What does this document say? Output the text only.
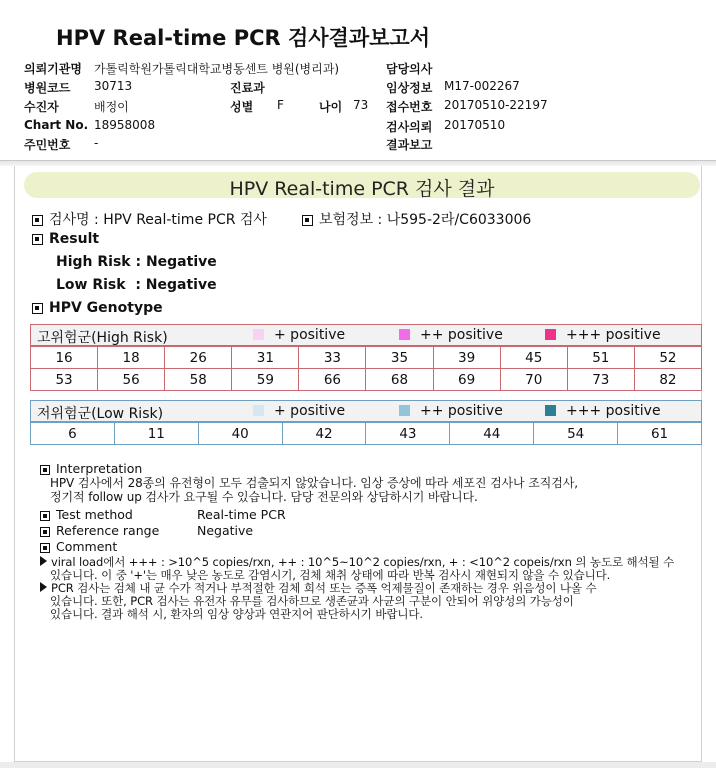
HPV Real-time PCR 검사결과보고서
의뢰기관명 가톨릭학원가톨릭대학교병동센트 병원(병리과)
병원코드 30713
수진자	배정이
Chart No. 18958008
주민번호 -
진료과
성별 F	나이 73
담당의사
임상정보 M17-002267
접수번호 20170510-22197
검사의뢰 20170510
결과보고
HPV Real-time PCR 검사 결과
검사명 : HPV Real-time PCR 검사	보험정보 : 나595-2라/C6033006
Result
High Risk : Negative
Low Risk  : Negative
HPV Genotype
고위험군(High Risk)	+ positive	++ positive	+++ positive
16	18	26	31	33	35	39	45	51	52
53	56	58	59	66	68	69	70	73	82
저위험군(Low Risk)	+ positive	++ positive	+++ positive
6	11	40	42	43	44	54	61
Interpretation
HPV 검사에서 28종의 유전형이 모두 검출되지 않았습니다. 임상 증상에 따라 세포진 검사나 조직검사,
정기적 follow up 검사가 요구될 수 있습니다. 담당 전문의와 상담하시기 바랍니다.
Test method	Real-time PCR
Reference range	Negative
Comment
viral load에서 +++ : >10^5 copies/rxn, ++ : 10^5~10^2 copies/rxn, + : <10^2 copeis/rxn 의 농도로 해석될 수
있습니다. 이 중 '+'는 매우 낮은 농도로 감염시기, 검체 채취 상태에 따라 반복 검사시 재현되지 않을 수 있습니다.
PCR 검사는 검체 내 균 수가 적거나 부적절한 검체 희석 또는 증폭 억제물질이 존재하는 경우 위음성이 나올 수
있습니다. 또한, PCR 검사는 유전자 유무를 검사하므로 생존균과 사균의 구분이 안되어 위양성의 가능성이
있습니다. 결과 해석 시, 환자의 임상 양상과 연관지어 판단하시기 바랍니다.
